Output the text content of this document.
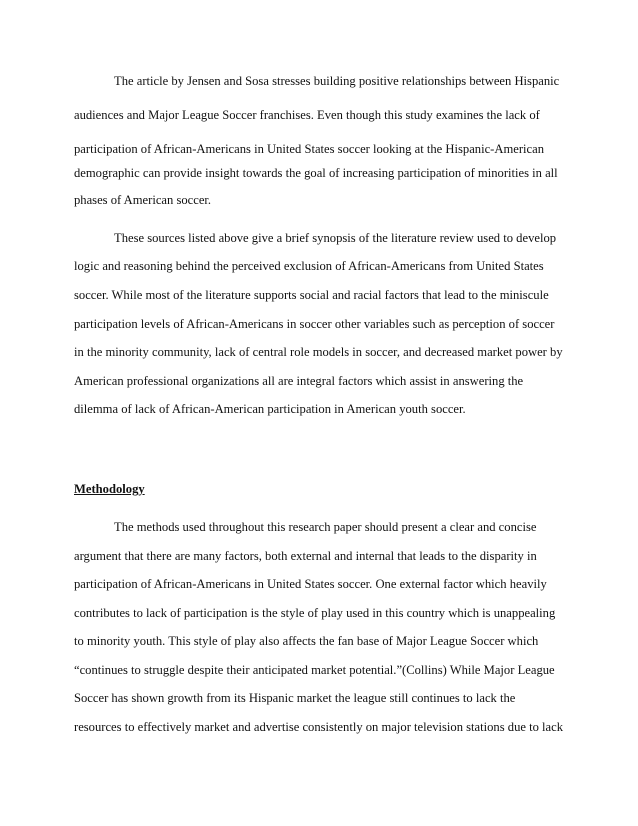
The article by Jensen and Sosa stresses building positive relationships between Hispanic
audiences and Major League Soccer franchises. Even though this study examines the lack of
participation of African-Americans in United States soccer looking at the Hispanic-American
demographic can provide insight towards the goal of increasing participation of minorities in all
phases of American soccer.
These sources listed above give a brief synopsis of the literature review used to develop
logic and reasoning behind the perceived exclusion of African-Americans from United States
soccer. While most of the literature supports social and racial factors that lead to the miniscule
participation levels of African-Americans in soccer other variables such as perception of soccer
in the minority community, lack of central role models in soccer, and decreased market power by
American professional organizations all are integral factors which assist in answering the
dilemma of lack of African-American participation in American youth soccer.
Methodology
The methods used throughout this research paper should present a clear and concise
argument that there are many factors, both external and internal that leads to the disparity in
participation of African-Americans in United States soccer. One external factor which heavily
contributes to lack of participation is the style of play used in this country which is unappealing
to minority youth. This style of play also affects the fan base of Major League Soccer which
“continues to struggle despite their anticipated market potential.”(Collins) While Major League
Soccer has shown growth from its Hispanic market the league still continues to lack the
resources to effectively market and advertise consistently on major television stations due to lack
